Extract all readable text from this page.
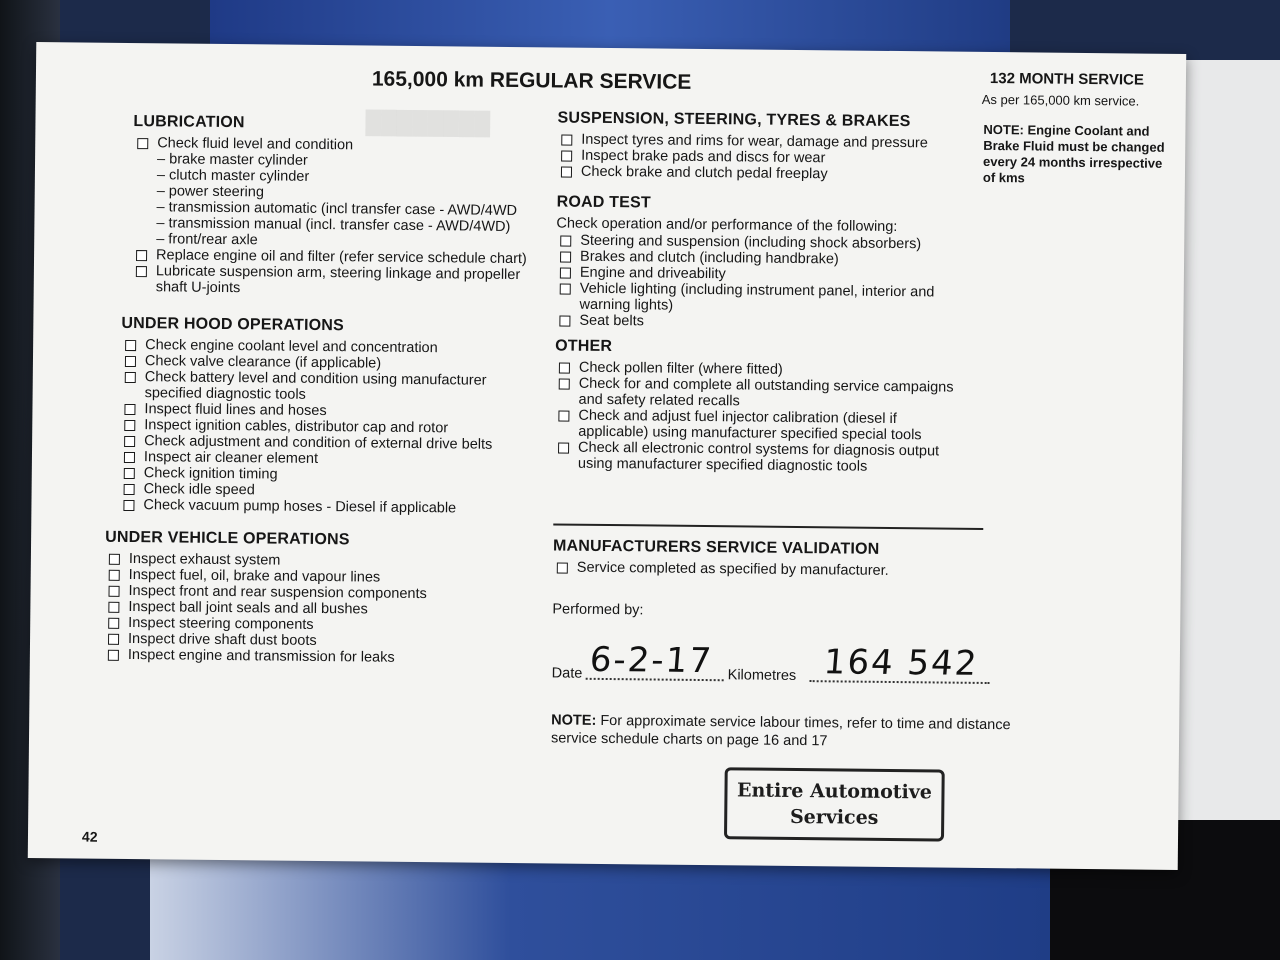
████████
165,000 km REGULAR SERVICE	132 MONTH SERVICE

As per 165,000 km service.

NOTE: Engine Coolant and Brake Fluid must be changed every 24 months irrespective of kms

LUBRICATION
Check fluid level and condition
– brake master cylinder
– clutch master cylinder
– power steering
– transmission automatic (incl transfer case - AWD/4WD
– transmission manual (incl. transfer case - AWD/4WD)
– front/rear axle
Replace engine oil and filter (refer service schedule chart)
Lubricate suspension arm, steering linkage and propeller shaft U-joints
UNDER HOOD OPERATIONS
Check engine coolant level and concentration
Check valve clearance (if applicable)
Check battery level and condition using manufacturer specified diagnostic tools
Inspect fluid lines and hoses
Inspect ignition cables, distributor cap and rotor
Check adjustment and condition of external drive belts
Inspect air cleaner element
Check ignition timing
Check idle speed
Check vacuum pump hoses - Diesel if applicable
UNDER VEHICLE OPERATIONS
Inspect exhaust system
Inspect fuel, oil, brake and vapour lines
Inspect front and rear suspension components
Inspect ball joint seals and all bushes
Inspect steering components
Inspect drive shaft dust boots
Inspect engine and transmission for leaks
SUSPENSION, STEERING, TYRES & BRAKES
Inspect tyres and rims for wear, damage and pressure
Inspect brake pads and discs for wear
Check brake and clutch pedal freeplay
ROAD TEST

Check operation and/or performance of the following:

Steering and suspension (including shock absorbers)
Brakes and clutch (including handbrake)
Engine and driveability
Vehicle lighting (including instrument panel, interior and warning lights)
Seat belts
OTHER
Check pollen filter (where fitted)
Check for and complete all outstanding service campaigns and safety related recalls
Check and adjust fuel injector calibration (diesel if applicable) using manufacturer specified special tools
Check all electronic control systems for diagnosis output using manufacturer specified diagnostic tools
MANUFACTURERS SERVICE VALIDATION
Service completed as specified by manufacturer.

Performed by:

Date 6-2-17 Kilometres 164 542

NOTE: For approximate service labour times, refer to time and distance service schedule charts on page 16 and 17

Entire Automotive
Services

42
